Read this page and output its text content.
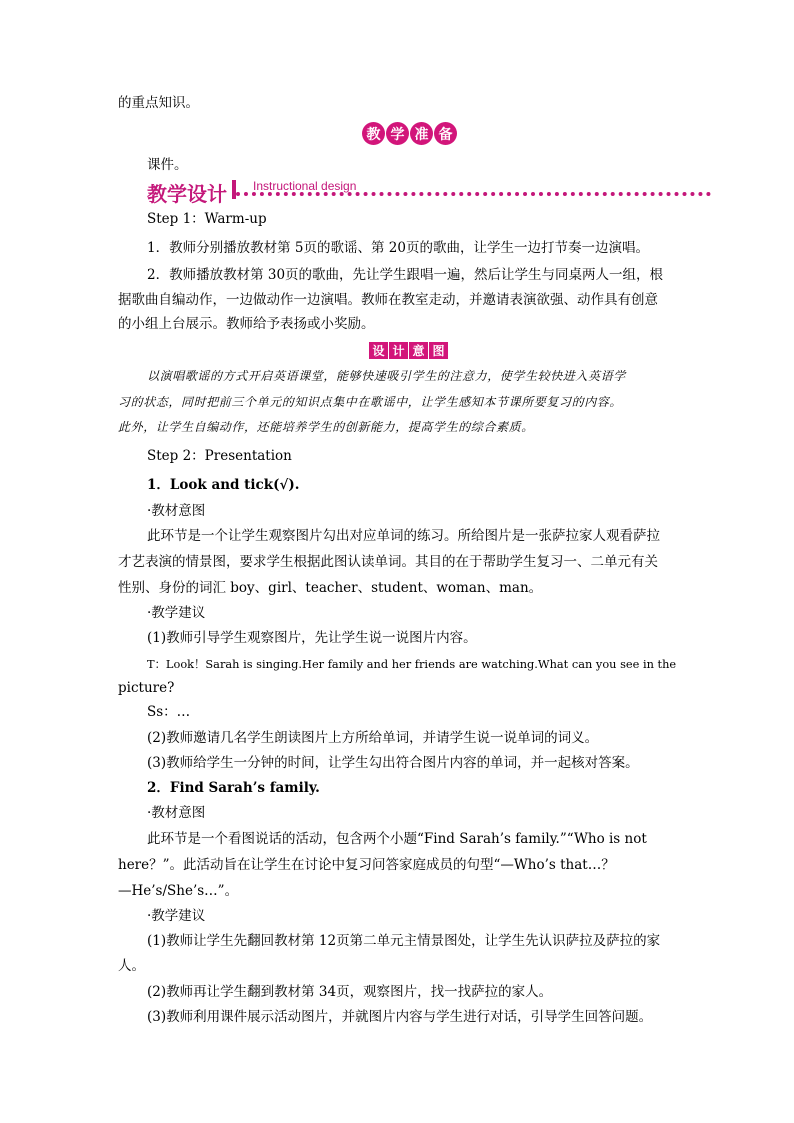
的重点知识。
教 学 准 备
课件。
教学设计 Instructional design
Step 1：Warm-up
1．教师分别播放教材第 5页的歌谣、第 20页的歌曲，让学生一边打节奏一边演唱。
2．教师播放教材第 30页的歌曲，先让学生跟唱一遍，然后让学生与同桌两人一组，根
据歌曲自编动作，一边做动作一边演唱。教师在教室走动，并邀请表演欲强、动作具有创意
的小组上台展示。教师给予表扬或小奖励。
设 计 意 图
以演唱歌谣的方式开启英语课堂，能够快速吸引学生的注意力，使学生较快进入英语学
习的状态，同时把前三个单元的知识点集中在歌谣中，让学生感知本节课所要复习的内容。
此外，让学生自编动作，还能培养学生的创新能力，提高学生的综合素质。
Step 2：Presentation
1．Look and tick(√).
·教材意图
此环节是一个让学生观察图片勾出对应单词的练习。所给图片是一张萨拉家人观看萨拉
才艺表演的情景图，要求学生根据此图认读单词。其目的在于帮助学生复习一、二单元有关
性别、身份的词汇 boy、girl、teacher、student、woman、man。
·教学建议
(1)教师引导学生观察图片，先让学生说一说图片内容。
T：Look！Sarah is singing.Her family and her friends are watching.What can you see in the
picture?
Ss：…
(2)教师邀请几名学生朗读图片上方所给单词，并请学生说一说单词的词义。
(3)教师给学生一分钟的时间，让学生勾出符合图片内容的单词，并一起核对答案。
2．Find Sarah’s family.
·教材意图
此环节是一个看图说话的活动，包含两个小题“Find Sarah’s family.”“Who is not
here？”。此活动旨在让学生在讨论中复习问答家庭成员的句型“—Who’s that…？
—He’s/She’s…”。
·教学建议
(1)教师让学生先翻回教材第 12页第二单元主情景图处，让学生先认识萨拉及萨拉的家
人。
(2)教师再让学生翻到教材第 34页，观察图片，找一找萨拉的家人。
(3)教师利用课件展示活动图片，并就图片内容与学生进行对话，引导学生回答问题。
